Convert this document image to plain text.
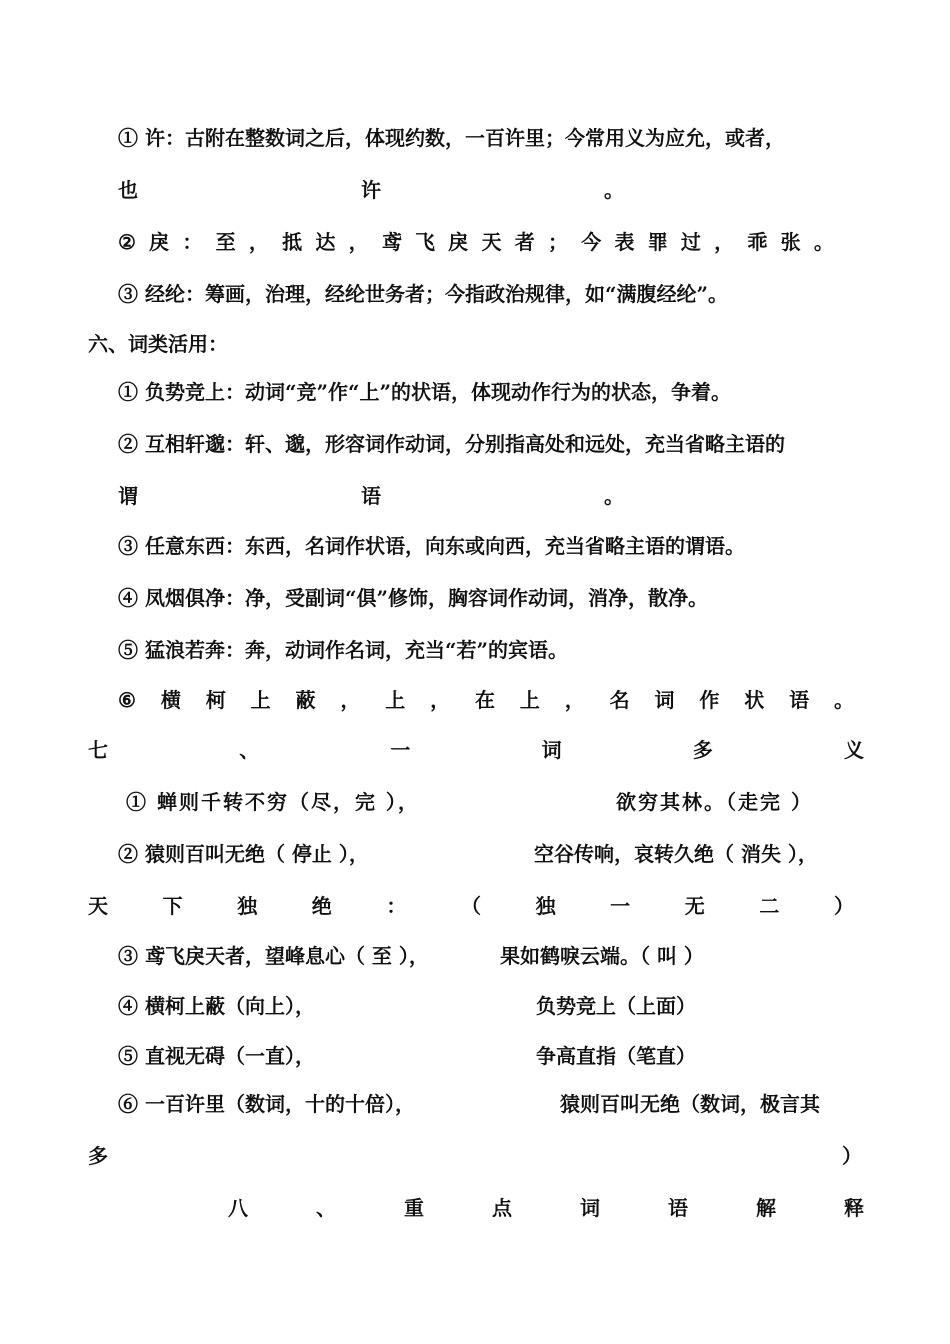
① 许：古附在整数词之后，体现约数，一百许里；今常用义为应允，或者，
也	许	。
② 戾 ： 至 ， 抵 达 ， 鸢 飞 戾 天 者 ； 今 表 罪 过 ， 乖 张 。
③ 经纶：筹画，治理，经纶世务者；今指政治规律，如“满腹经纶”。
六、词类活用：
① 负势竞上：动词“竞”作“上”的状语，体现动作行为的状态，争着。
② 互相轩邈：轩、邈，形容词作动词，分别指高处和远处，充当省略主语的
谓	语	。
③ 任意东西：东西，名词作状语，向东或向西，充当省略主语的谓语。
④ 凤烟俱净：净，受副词“俱”修饰，胸容词作动词，消净，散净。
⑤ 猛浪若奔：奔，动词作名词，充当“若”的宾语。
⑥ 横 柯 上 蔽 ， 上 ， 在 上 ， 名 词 作 状 语 。
七	、	一	词	多	义
① 蝉则千转不穷（尽，完 ），	欲穷其林。（走完 ）
② 猿则百叫无绝（ 停止 ），	空谷传响，哀转久绝（ 消失 ），
天	下	独	绝	：	（	独	一	无	二	）
③ 鸢飞戾天者，望峰息心（ 至 ），	果如鹤唳云端。（ 叫 ）
④ 横柯上蔽（向上），	负势竞上（上面）
⑤ 直视无碍（一直），	争高直指（笔直）
⑥ 一百许里（数词，十的十倍），	猿则百叫无绝（数词，极言其
多	）
八	、	重	点	词	语	解	释
